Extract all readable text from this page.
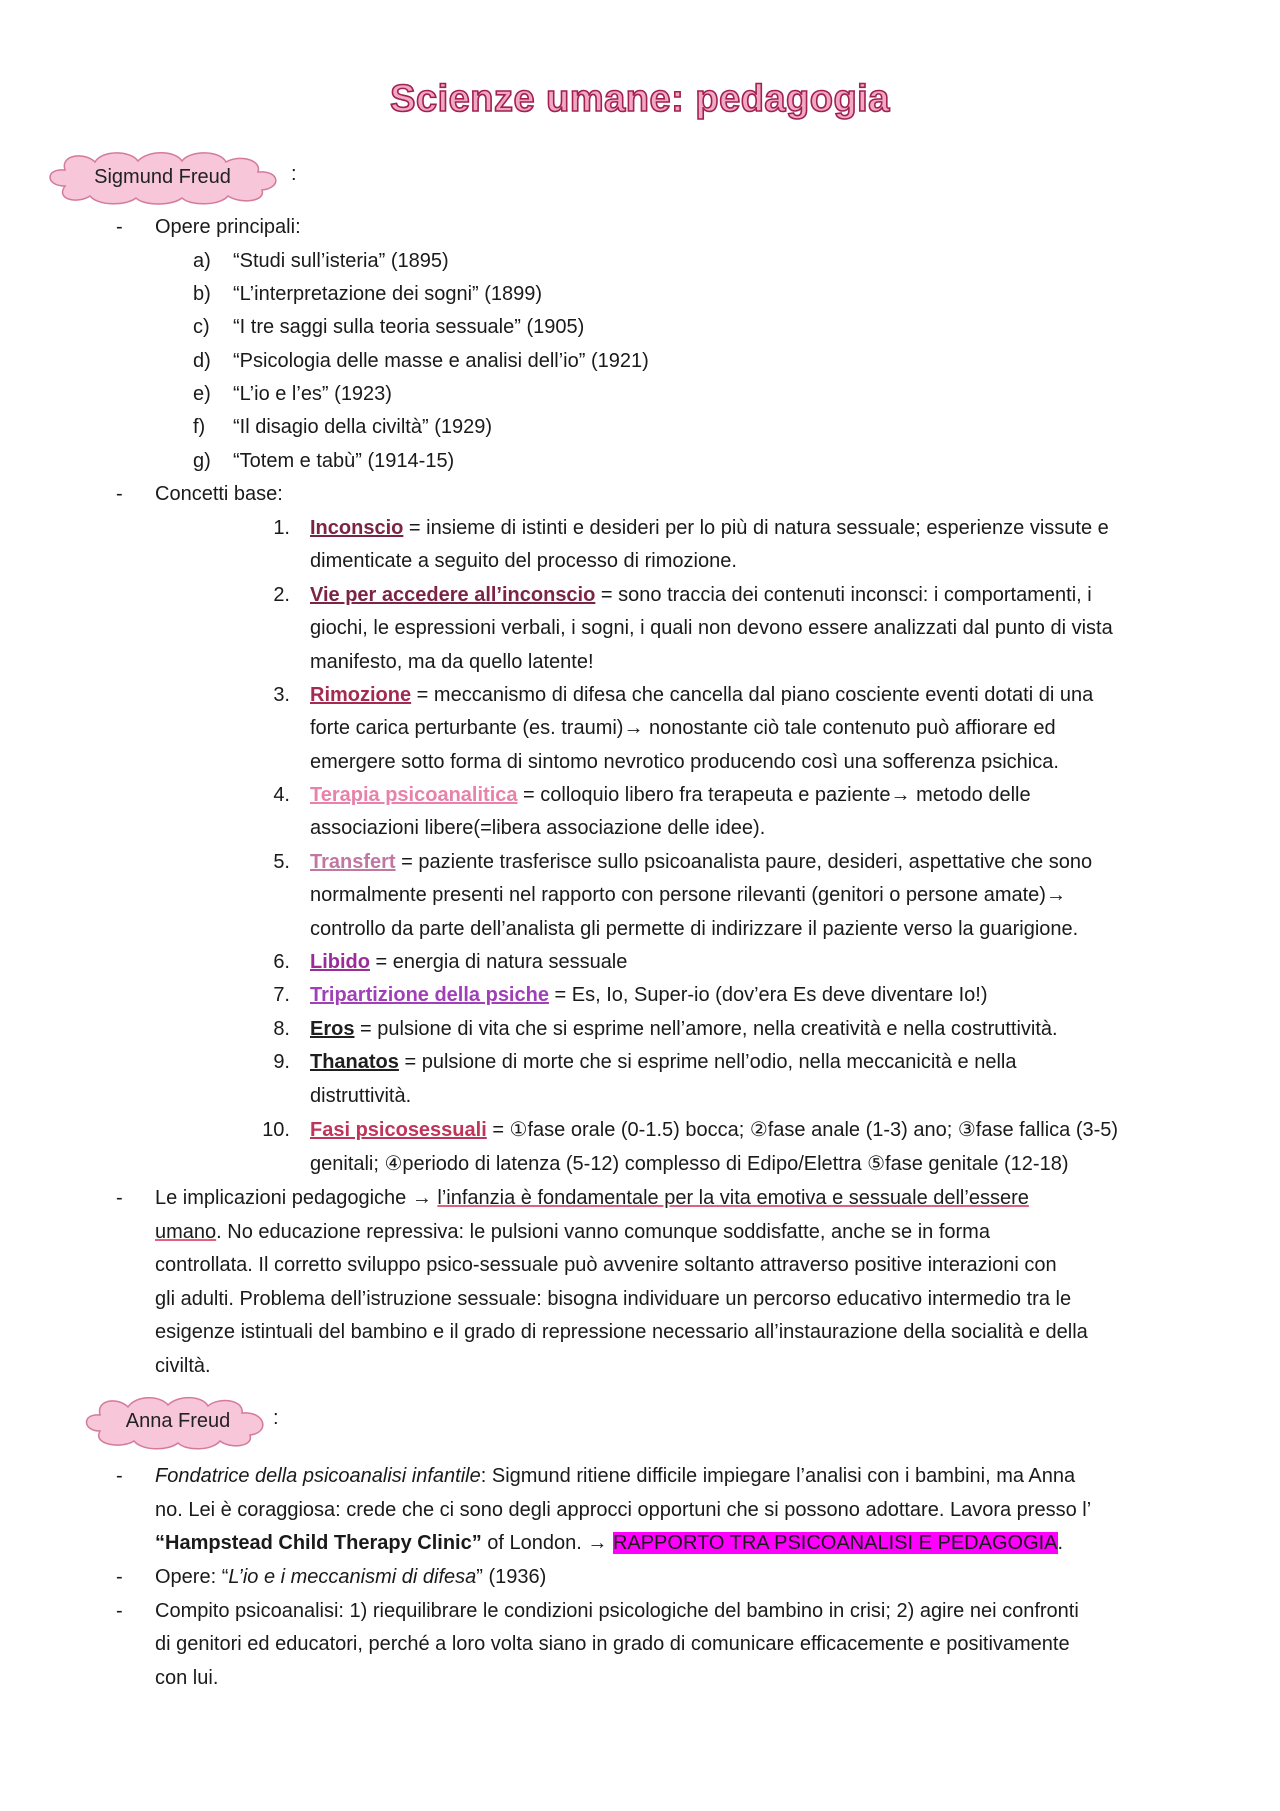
Scienze umane: pedagogia
Sigmund Freud	:
- Opere principali:
a) “Studi sull’isteria” (1895)
b) “L’interpretazione dei sogni” (1899)
c) “I tre saggi sulla teoria sessuale” (1905)
d) “Psicologia delle masse e analisi dell’io” (1921)
e) “L’io e l’es” (1923)
f) “Il disagio della civiltà” (1929)
g) “Totem e tabù” (1914-15)
- Concetti base:
1. Inconscio = insieme di istinti e desideri per lo più di natura sessuale; esperienze vissute e
dimenticate a seguito del processo di rimozione.
2. Vie per accedere all’inconscio = sono traccia dei contenuti inconsci: i comportamenti, i
giochi, le espressioni verbali, i sogni, i quali non devono essere analizzati dal punto di vista
manifesto, ma da quello latente!
3. Rimozione = meccanismo di difesa che cancella dal piano cosciente eventi dotati di una
forte carica perturbante (es. traumi)→ nonostante ciò tale contenuto può affiorare ed
emergere sotto forma di sintomo nevrotico producendo così una sofferenza psichica.
4. Terapia psicoanalitica = colloquio libero fra terapeuta e paziente→ metodo delle
associazioni libere(=libera associazione delle idee).
5. Transfert = paziente trasferisce sullo psicoanalista paure, desideri, aspettative che sono
normalmente presenti nel rapporto con persone rilevanti (genitori o persone amate)→
controllo da parte dell’analista gli permette di indirizzare il paziente verso la guarigione.
6. Libido = energia di natura sessuale
7. Tripartizione della psiche = Es, Io, Super-io (dov’era Es deve diventare Io!)
8. Eros = pulsione di vita che si esprime nell’amore, nella creatività e nella costruttività.
9. Thanatos = pulsione di morte che si esprime nell’odio, nella meccanicità e nella
distruttività.
10. Fasi psicosessuali = ①fase orale (0-1.5) bocca; ②fase anale (1-3) ano; ③fase fallica (3-5)
genitali; ④periodo di latenza (5-12) complesso di Edipo/Elettra ⑤fase genitale (12-18)
- Le implicazioni pedagogiche → l’infanzia è fondamentale per la vita emotiva e sessuale dell’essere
umano. No educazione repressiva: le pulsioni vanno comunque soddisfatte, anche se in forma
controllata. Il corretto sviluppo psico-sessuale può avvenire soltanto attraverso positive interazioni con
gli adulti. Problema dell’istruzione sessuale: bisogna individuare un percorso educativo intermedio tra le
esigenze istintuali del bambino e il grado di repressione necessario all’instaurazione della socialità e della
civiltà.
Anna Freud	:
- Fondatrice della psicoanalisi infantile: Sigmund ritiene difficile impiegare l’analisi con i bambini, ma Anna
no. Lei è coraggiosa: crede che ci sono degli approcci opportuni che si possono adottare. Lavora presso l’
“Hampstead Child Therapy Clinic” of London. → RAPPORTO TRA PSICOANALISI E PEDAGOGIA.
- Opere: “L’io e i meccanismi di difesa” (1936)
- Compito psicoanalisi: 1) riequilibrare le condizioni psicologiche del bambino in crisi; 2) agire nei confronti
di genitori ed educatori, perché a loro volta siano in grado di comunicare efficacemente e positivamente
con lui.
